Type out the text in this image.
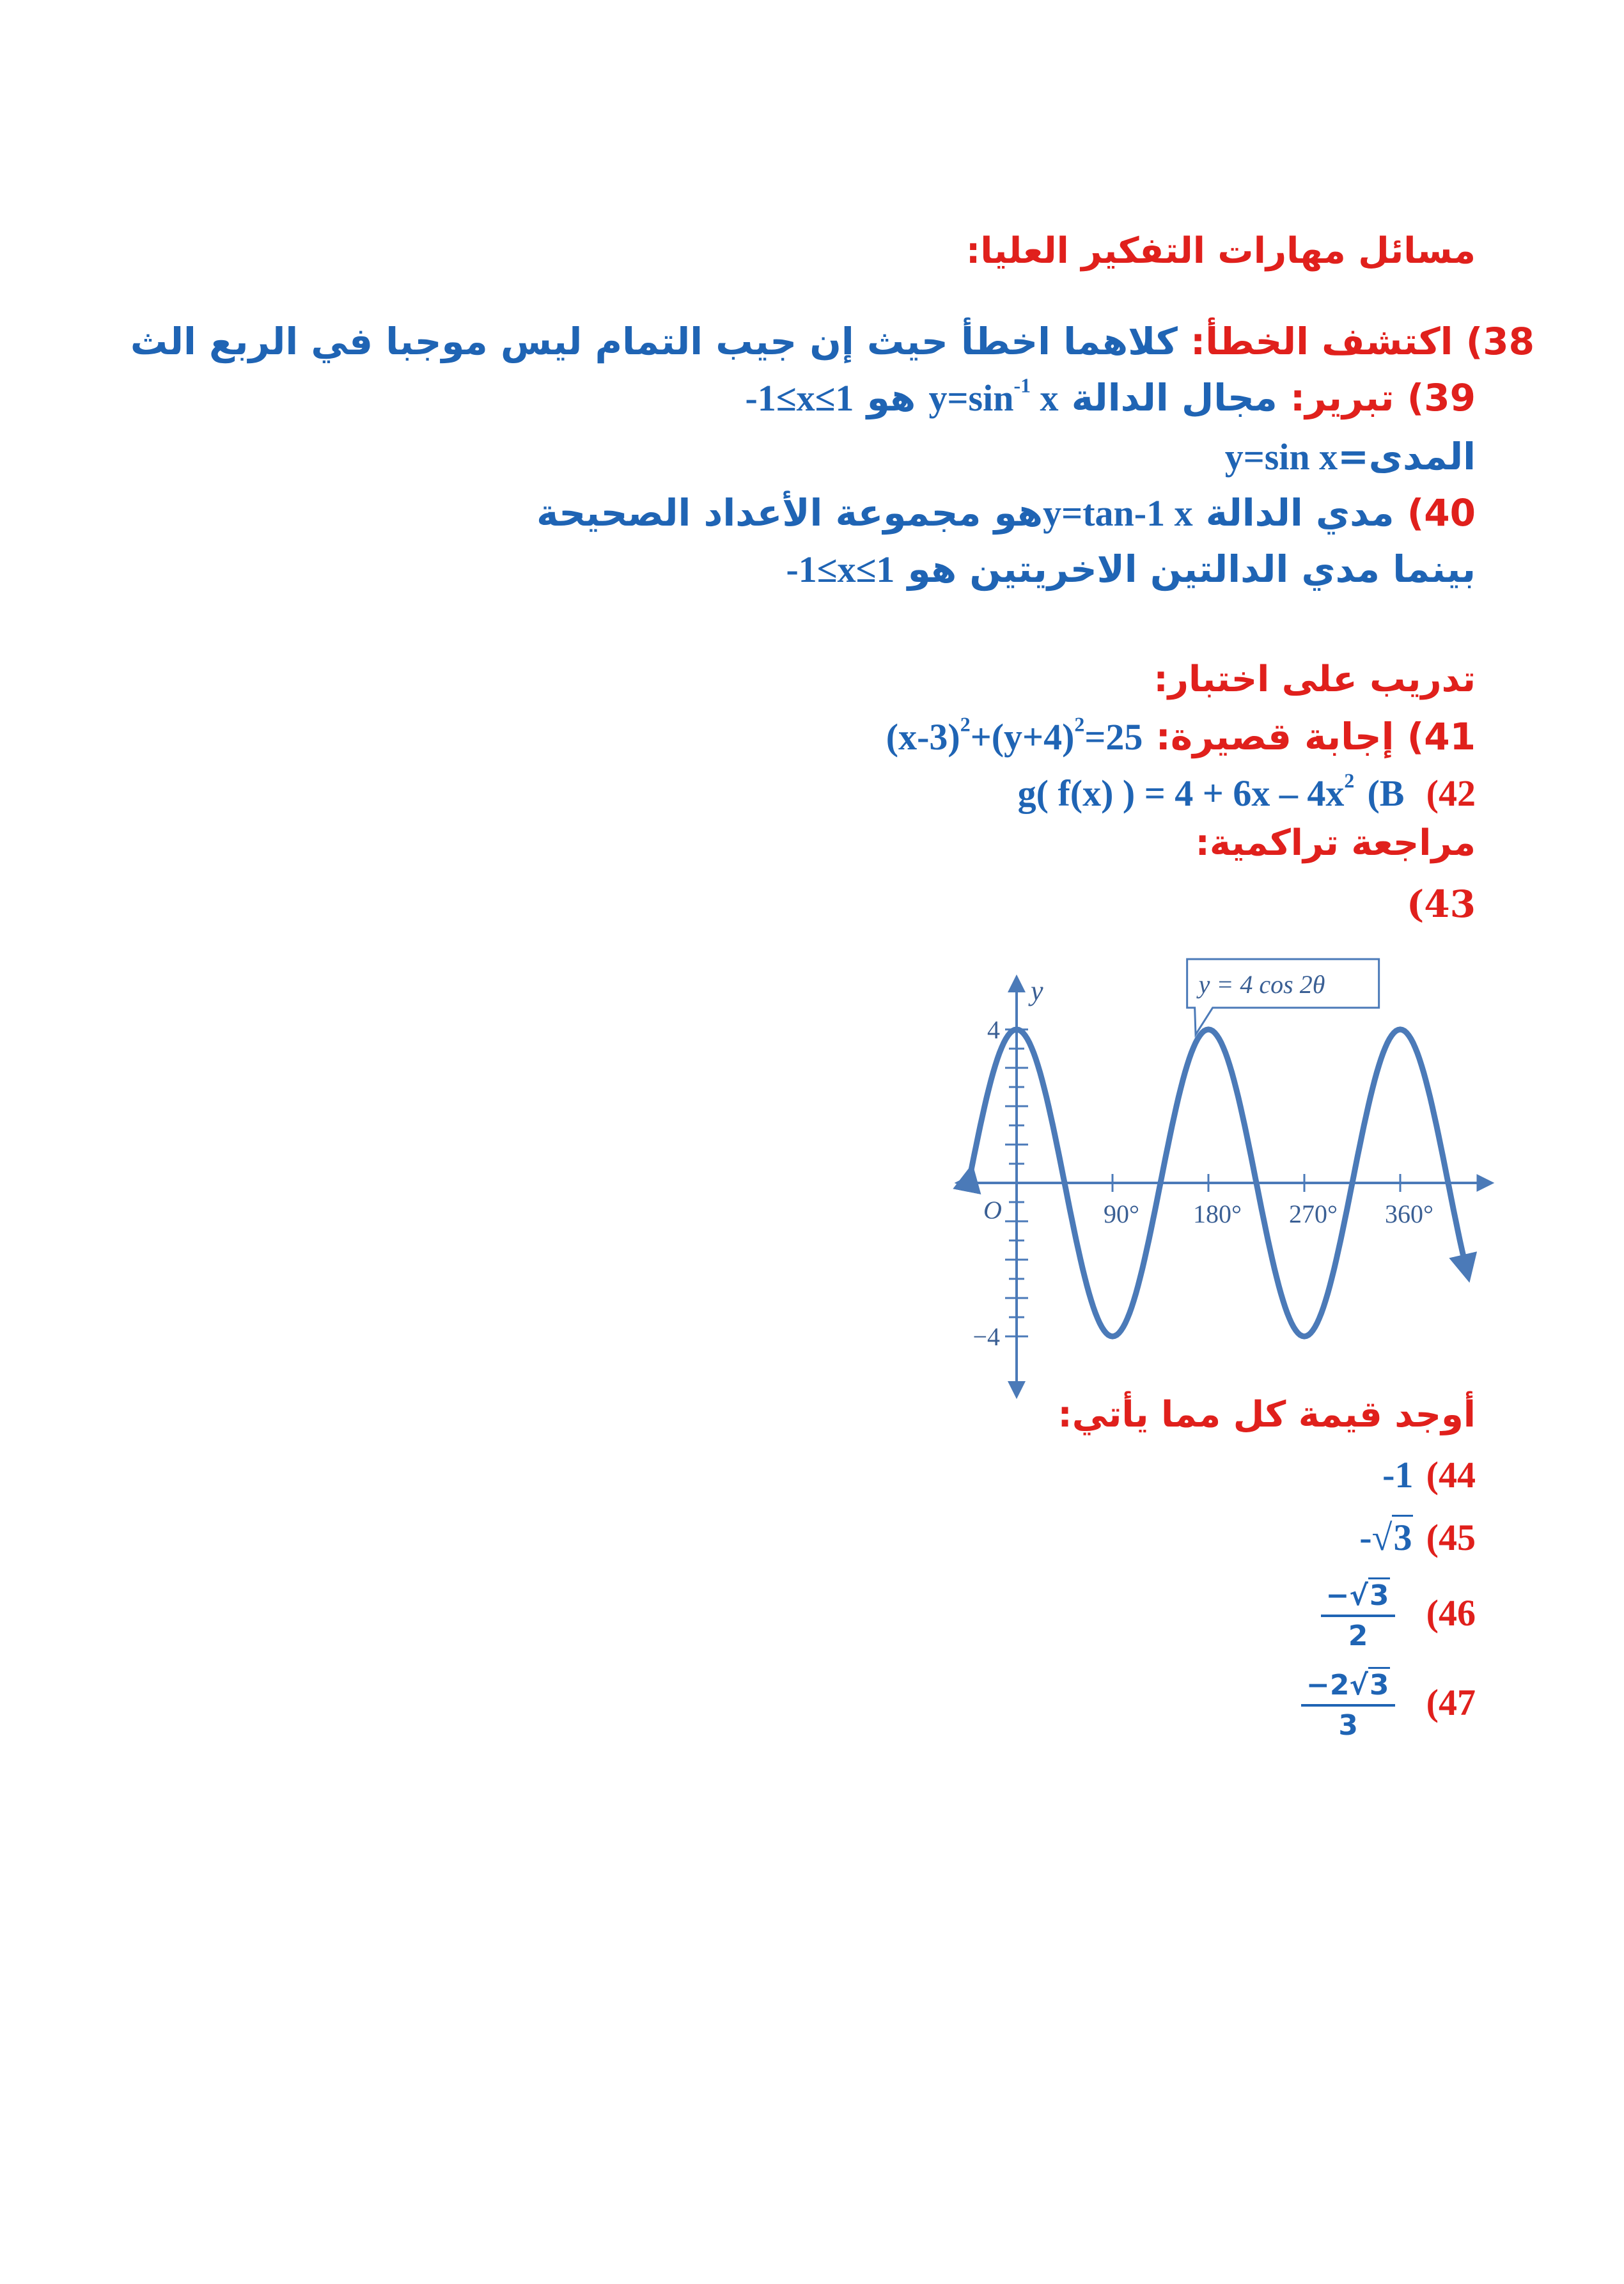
مسائل مهارات التفكير العليا:
38) اكتشف الخطأ: كلاهما اخطأ حيث إن جيب التمام ليس موجبا في الربع الث
39) تبرير: مجال الدالة $y=\sin^{-1}$ x هو -1≤x≤1
المدى=y=sin x
40) مدي الدالة y=tan-1 xهو مجموعة الأعداد الصحيحة
بينما مدي الدالتين الاخريتين هو -1≤x≤1
تدريب على اختبار:
41) إجابة قصيرة: $(x-3)^2+(y+4)^2=25$
g( f(x) ) = $4 + 6x - 4x^2$ (B (42
مراجعة تراكمية:
(43
y = 4 cos 2θ
y
O	90° 180° 270° 360°
4
−4
أوجد قيمة كل مما يأتي:
-1 (44
-√3 (45
$\frac{-√3}{2} (46$
$\frac{-2√3}{3} (47$
